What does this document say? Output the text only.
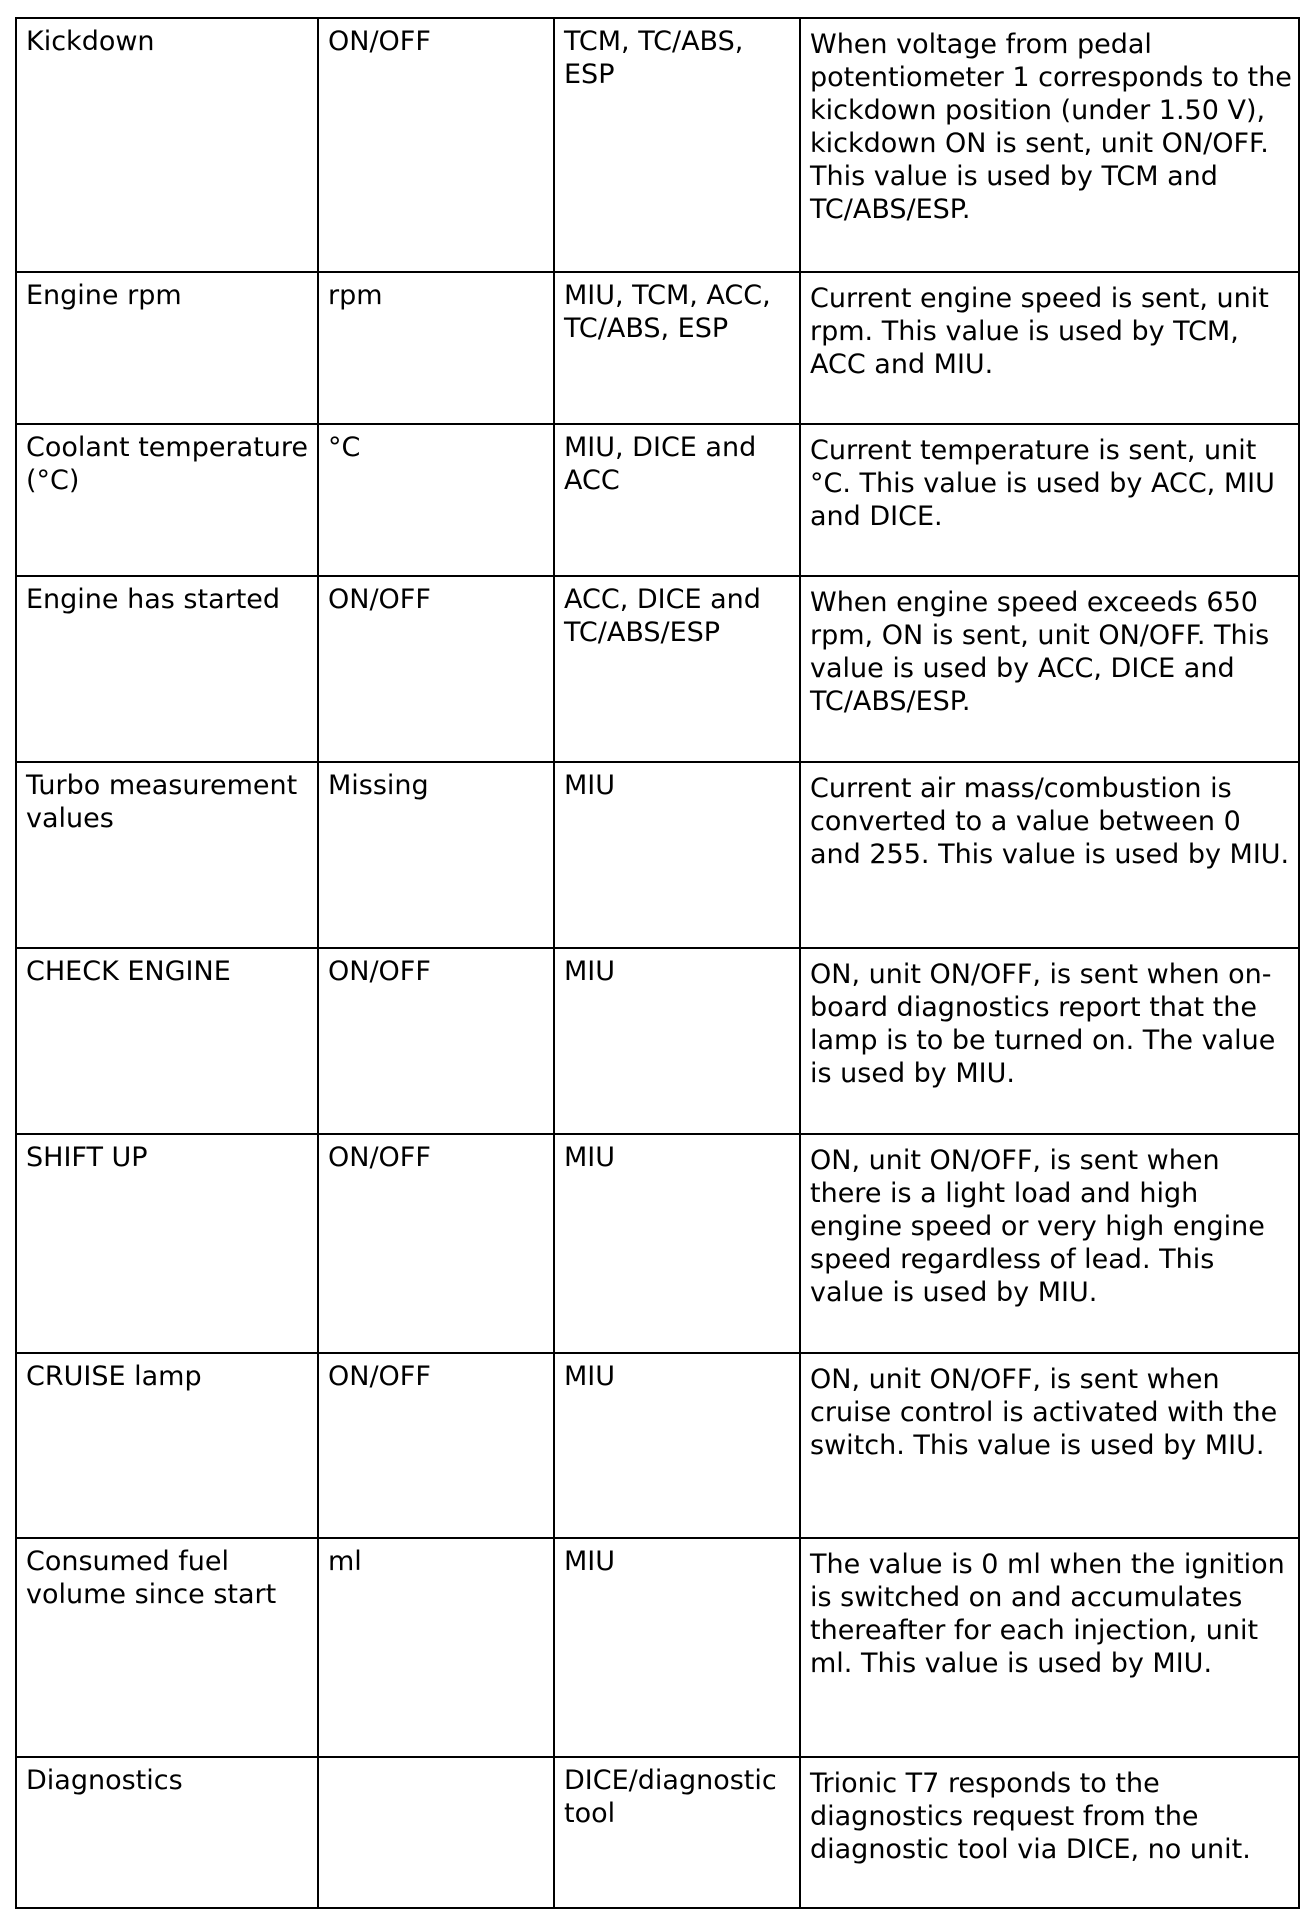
Kickdown	ON/OFF	TCM, TC/ABS, ESP	When voltage from pedal potentiometer 1 corresponds to the kickdown position (under 1.50 V), kickdown ON is sent, unit ON/OFF. This value is used by TCM and TC/ABS/ESP.
Engine rpm	rpm	MIU, TCM, ACC, TC/ABS, ESP	Current engine speed is sent, unit rpm. This value is used by TCM, ACC and MIU.
Coolant temperature (°C)	°C	MIU, DICE and ACC	Current temperature is sent, unit °C. This value is used by ACC, MIU and DICE.
Engine has started	ON/OFF	ACC, DICE and TC/ABS/ESP	When engine speed exceeds 650 rpm, ON is sent, unit ON/OFF. This value is used by ACC, DICE and TC/ABS/ESP.
Turbo measurement values	Missing	MIU	Current air mass/combustion is converted to a value between 0 and 255. This value is used by MIU.
CHECK ENGINE	ON/OFF	MIU	ON, unit ON/OFF, is sent when on-board diagnostics report that the lamp is to be turned on. The value is used by MIU.
SHIFT UP	ON/OFF	MIU	ON, unit ON/OFF, is sent when there is a light load and high engine speed or very high engine speed regardless of lead. This value is used by MIU.
CRUISE lamp	ON/OFF	MIU	ON, unit ON/OFF, is sent when cruise control is activated with the switch. This value is used by MIU.
Consumed fuel volume since start	ml	MIU	The value is 0 ml when the ignition is switched on and accumulates thereafter for each injection, unit ml. This value is used by MIU.
Diagnostics		DICE/diagnostic tool	Trionic T7 responds to the diagnostics request from the diagnostic tool via DICE, no unit.
